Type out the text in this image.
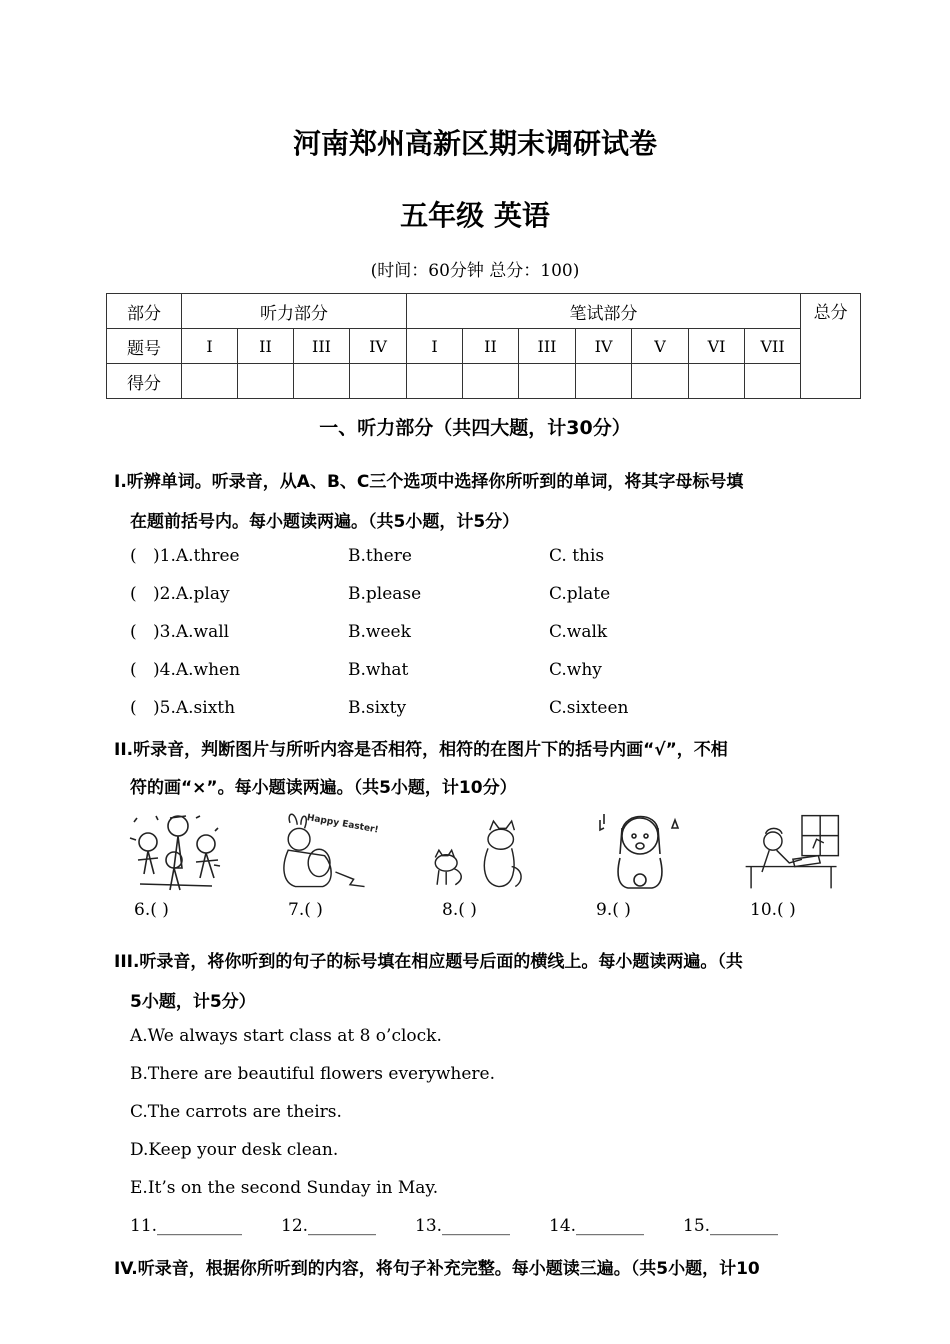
河南郑州高新区期末调研试卷
五年级 英语
(时间：60分钟 总分：100)
部分	听力部分				笔试部分							总分
题号	I	II	III	IV	I	II	III	IV	V	VI	VII	
得分												
一、听力部分（共四大题，计30分）
I.听辨单词。听录音，从A、B、C三个选项中选择你所听到的单词，将其字母标号填
在题前括号内。每小题读两遍。（共5小题，计5分）
( )1.A.three	B.there	C. this
( )2.A.play	B.please	C.plate
( )3.A.wall	B.week	C.walk
( )4.A.when	B.what	C.why
( )5.A.sixth	B.sixty	C.sixteen
II.听录音，判断图片与所听内容是否相符，相符的在图片下的括号内画“√”，不相
符的画“×”。每小题读两遍。（共5小题，计10分）
Happy Easter!
6.( )	7.( )	8.( )	9.( )	10.( )
III.听录音，将你听到的句子的标号填在相应题号后面的横线上。每小题读两遍。（共
5小题，计5分）
A.We always start class at 8 o’clock.
B.There are beautiful flowers everywhere.
C.The carrots are theirs.
D.Keep your desk clean.
E.It’s on the second Sunday in May.
11.__________ 12.________ 13.________ 14.________ 15.________
IV.听录音，根据你所听到的内容，将句子补充完整。每小题读三遍。（共5小题，计10
